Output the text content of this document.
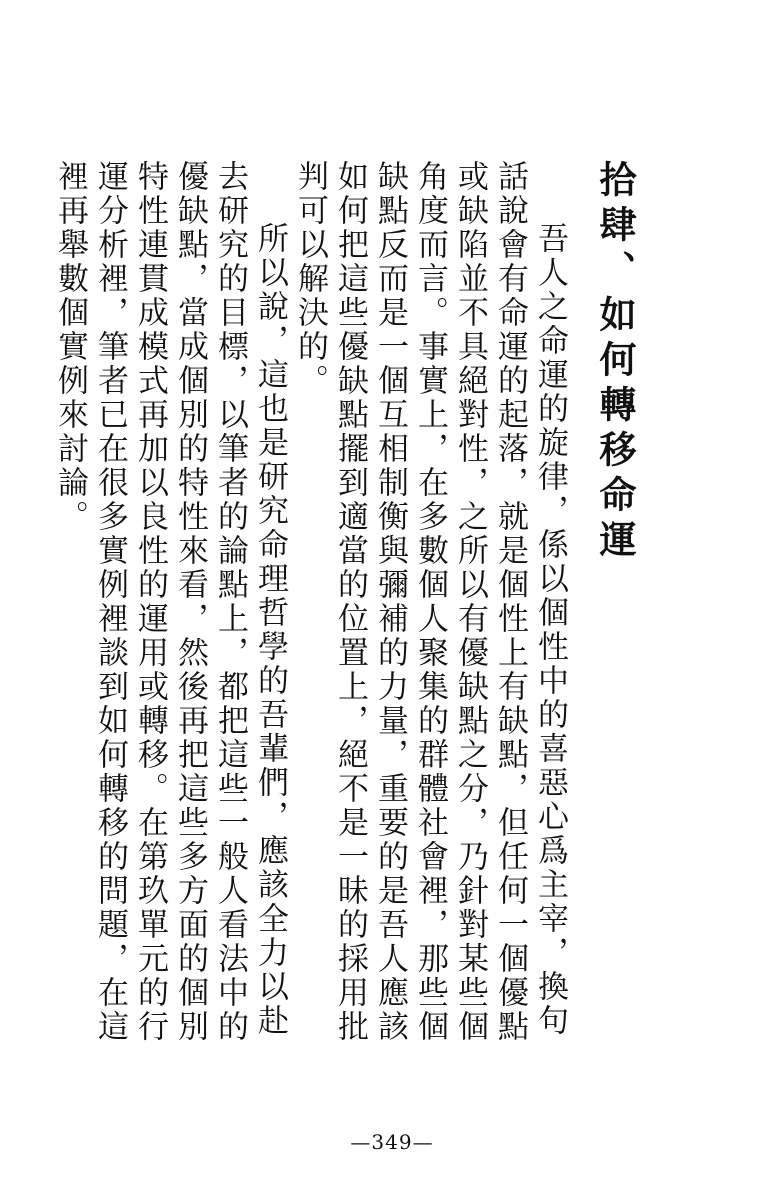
拾肆、如何轉移命運

吾人之命運的旋律，係以個性中的喜惡心爲主宰，換句話說會有命運的起落，就是個性上有缺點，但任何一個優點或缺陷並不具絕對性，之所以有優缺點之分，乃針對某些個角度而言。事實上，在多數個人聚集的群體社會裡，那些個缺點反而是一個互相制衡與彌補的力量，重要的是吾人應該如何把這些優缺點擺到適當的位置上，絕不是一昧的採用批判可以解決的。

所以說，這也是研究命理哲學的吾輩們，應該全力以赴去研究的目標，以筆者的論點上，都把這些一般人看法中的優缺點，當成個別的特性來看，然後再把這些多方面的個別特性連貫成模式再加以良性的運用或轉移。在第玖單元的行運分析裡，筆者已在很多實例裡談到如何轉移的問題，在這裡再舉數個實例來討論。

—349—
